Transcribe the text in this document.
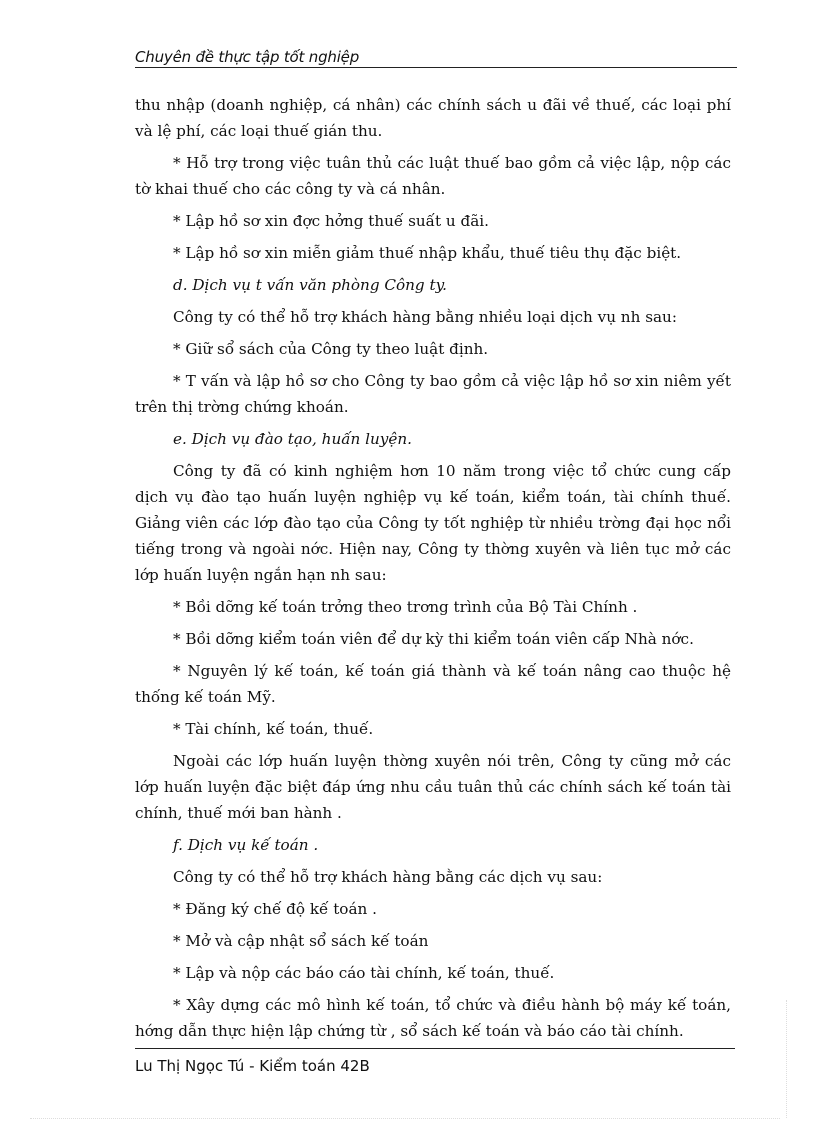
Chuyên đề thực tập tốt nghiệp

thu nhập (doanh nghiệp, cá nhân) các chính sách u đãi về thuế, các loại phí và lệ phí, các loại thuế gián thu.

* Hỗ trợ trong việc tuân thủ các luật thuế bao gồm cả việc lập, nộp các tờ khai thuế cho các công ty và cá nhân.

* Lập hồ sơ xin đợc hởng thuế suất u đãi.

* Lập hồ sơ xin miễn giảm thuế nhập khẩu, thuế tiêu thụ đặc biệt.

d. Dịch vụ t vấn văn phòng Công ty.

Công ty có thể hỗ trợ khách hàng bằng nhiều loại dịch vụ nh sau:

* Giữ sổ sách của Công ty theo luật định.

* T vấn và lập hồ sơ cho Công ty bao gồm cả việc lập hồ sơ xin niêm yết trên thị trờng chứng khoán.

e. Dịch vụ đào tạo, huấn luyện.

Công ty đã có kinh nghiệm hơn 10 năm trong việc tổ chức cung cấp dịch vụ đào tạo huấn luyện nghiệp vụ kế toán, kiểm toán, tài chính thuế. Giảng viên các lớp đào tạo của Công ty tốt nghiệp từ nhiều trờng đại học nổi tiếng trong và ngoài nớc. Hiện nay, Công ty thờng xuyên và liên tục mở các lớp huấn luyện ngắn hạn nh sau:

* Bồi dỡng kế toán trởng theo trơng trình của Bộ Tài Chính .

* Bồi dỡng kiểm toán viên để dự kỳ thi kiểm toán viên cấp Nhà nớc.

* Nguyên lý kế toán, kế toán giá thành và kế toán nâng cao thuộc hệ thống kế toán Mỹ.

* Tài chính, kế toán, thuế.

Ngoài các lớp huấn luyện thờng xuyên nói trên, Công ty cũng mở các lớp huấn luyện đặc biệt đáp ứng nhu cầu tuân thủ các chính sách kế toán tài chính, thuế mới ban hành .

f. Dịch vụ kế toán .

Công ty có thể hỗ trợ khách hàng bằng các dịch vụ sau:

* Đăng ký chế độ kế toán .

* Mở và cập nhật sổ sách kế toán

* Lập và nộp các báo cáo tài chính, kế toán, thuế.

* Xây dựng các mô hình kế toán, tổ chức và điều hành bộ máy kế toán, hớng dẫn thực hiện lập chứng từ , sổ sách kế toán và báo cáo tài chính.

Lu Thị Ngọc Tú - Kiểm toán 42B
